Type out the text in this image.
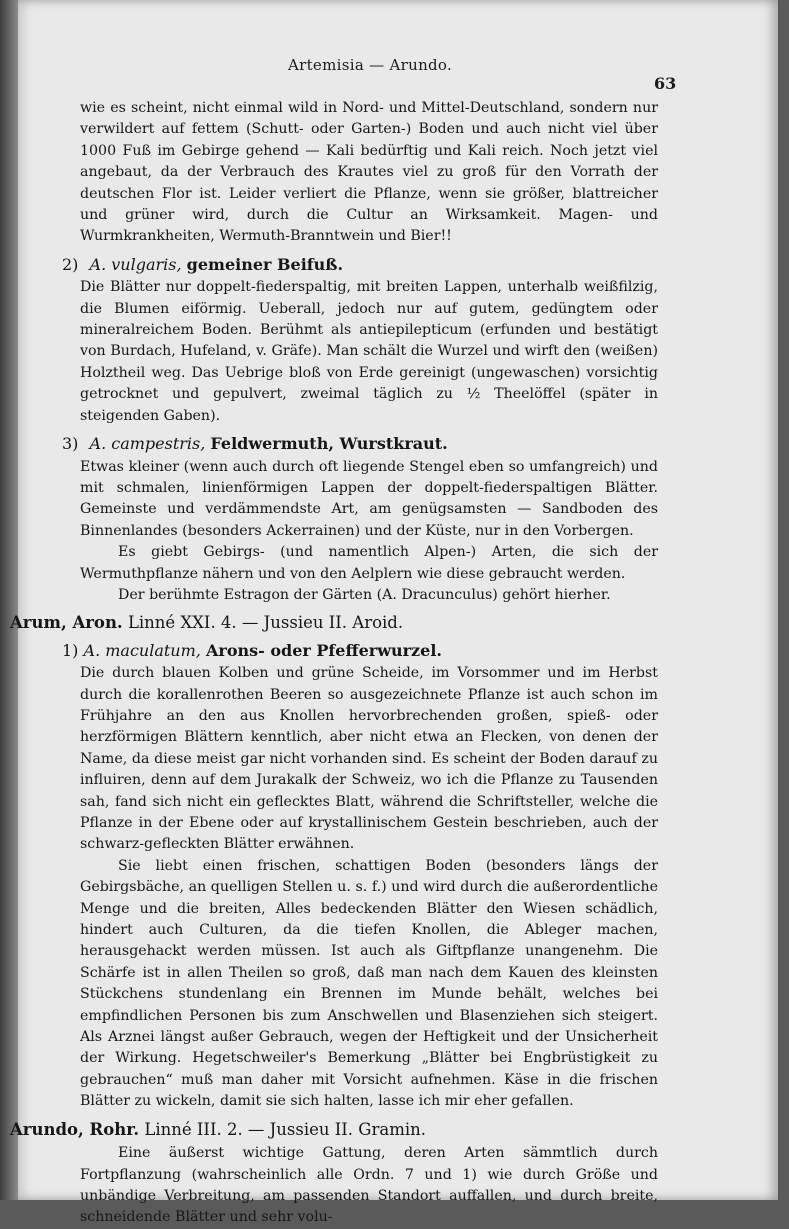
Artemisia — Arundo.
63

wie es scheint, nicht einmal wild in Nord- und Mittel-Deutschland, sondern nur verwildert auf fettem (Schutt- oder Garten-) Boden und auch nicht viel über 1000 Fuß im Gebirge gehend — Kali bedürftig und Kali reich. Noch jetzt viel angebaut, da der Verbrauch des Krautes viel zu groß für den Vorrath der deutschen Flor ist. Leider verliert die Pflanze, wenn sie größer, blattreicher und grüner wird, durch die Cultur an Wirksamkeit. Magen- und Wurmkrankheiten, Wermuth-Branntwein und Bier!!

2) A. vulgaris, gemeiner Beifuß.

Die Blätter nur doppelt-fiederspaltig, mit breiten Lappen, unterhalb weißfilzig, die Blumen eiförmig. Ueberall, jedoch nur auf gutem, gedüngtem oder mineralreichem Boden. Berühmt als antiepilepticum (erfunden und bestätigt von Burdach, Hufeland, v. Gräfe). Man schält die Wurzel und wirft den (weißen) Holztheil weg. Das Uebrige bloß von Erde gereinigt (ungewaschen) vorsichtig getrocknet und gepulvert, zweimal täglich zu ½ Theelöffel (später in steigenden Gaben).

3) A. campestris, Feldwermuth, Wurstkraut.

Etwas kleiner (wenn auch durch oft liegende Stengel eben so umfangreich) und mit schmalen, linienförmigen Lappen der doppelt-fiederspaltigen Blätter. Gemeinste und verdämmendste Art, am genügsamsten — Sandboden des Binnenlandes (besonders Ackerrainen) und der Küste, nur in den Vorbergen.

Es giebt Gebirgs- (und namentlich Alpen-) Arten, die sich der Wermuthpflanze nähern und von den Aelplern wie diese gebraucht werden.

Der berühmte Estragon der Gärten (A. Dracunculus) gehört hierher.

Arum, Aron. Linné XXI. 4. — Jussieu II. Aroid.
1) A. maculatum, Arons- oder Pfefferwurzel.

Die durch blauen Kolben und grüne Scheide, im Vorsommer und im Herbst durch die korallenrothen Beeren so ausgezeichnete Pflanze ist auch schon im Frühjahre an den aus Knollen hervorbrechenden großen, spieß- oder herzförmigen Blättern kenntlich, aber nicht etwa an Flecken, von denen der Name, da diese meist gar nicht vorhanden sind. Es scheint der Boden darauf zu influiren, denn auf dem Jurakalk der Schweiz, wo ich die Pflanze zu Tausenden sah, fand sich nicht ein geflecktes Blatt, während die Schriftsteller, welche die Pflanze in der Ebene oder auf krystallinischem Gestein beschrieben, auch der schwarz-gefleckten Blätter erwähnen.

Sie liebt einen frischen, schattigen Boden (besonders längs der Gebirgsbäche, an quelligen Stellen u. s. f.) und wird durch die außerordentliche Menge und die breiten, Alles bedeckenden Blätter den Wiesen schädlich, hindert auch Culturen, da die tiefen Knollen, die Ableger machen, herausgehackt werden müssen. Ist auch als Giftpflanze unangenehm. Die Schärfe ist in allen Theilen so groß, daß man nach dem Kauen des kleinsten Stückchens stundenlang ein Brennen im Munde behält, welches bei empfindlichen Personen bis zum Anschwellen und Blasenziehen sich steigert. Als Arznei längst außer Gebrauch, wegen der Heftigkeit und der Unsicherheit der Wirkung. Hegetschweiler's Bemerkung „Blätter bei Engbrüstigkeit zu gebrauchen“ muß man daher mit Vorsicht aufnehmen. Käse in die frischen Blätter zu wickeln, damit sie sich halten, lasse ich mir eher gefallen.

Arundo, Rohr. Linné III. 2. — Jussieu II. Gramin.

Eine äußerst wichtige Gattung, deren Arten sämmtlich durch Fortpflanzung (wahrscheinlich alle Ordn. 7 und 1) wie durch Größe und unbändige Verbreitung, am passenden Standort auffallen, und durch breite, schneidende Blätter und sehr volu-
